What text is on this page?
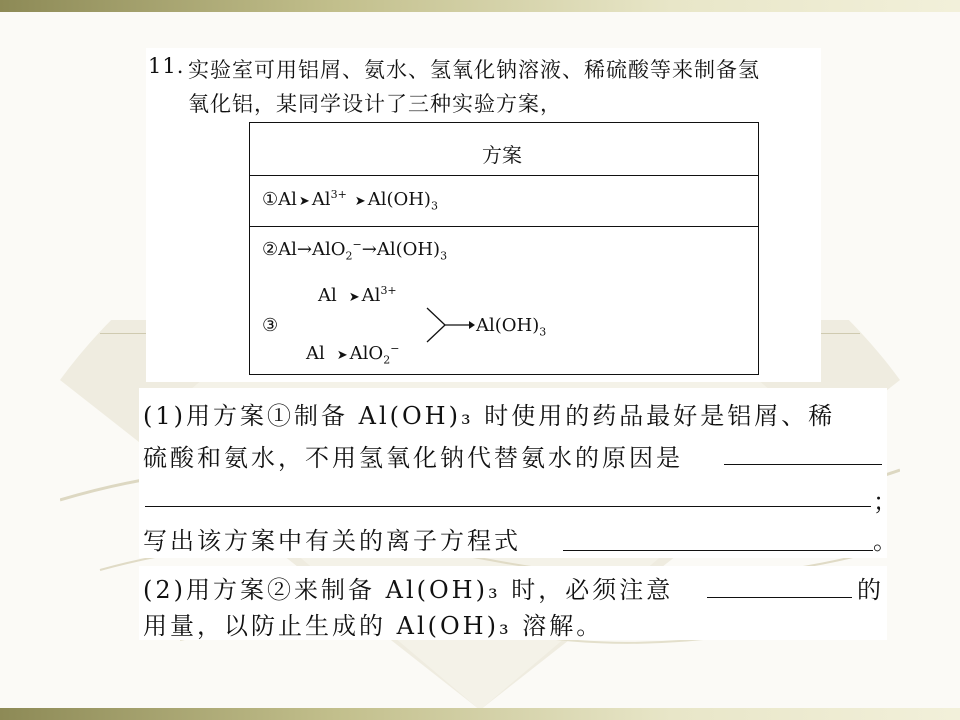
11. 实验室可用铝屑、氨水、氢氧化钠溶液、稀硫酸等来制备氢
氧化铝，某同学设计了三种实验方案，
方案
①Al ➤ $Al^{3+}$ ➤ $Al(OH)_3$
$②Al\to AlO_2^-\to Al(OH)_3$
Al ➤ $Al^{3+}$
③	$Al(OH)_3$
Al ➤ AlO$_2$−
(1)用方案①制备 Al(OH)₃ 时使用的药品最好是铝屑、稀
硫酸和氨水，不用氢氧化钠代替氨水的原因是
；
写出该方案中有关的离子方程式	。
(2)用方案②来制备 Al(OH)₃ 时，必须注意	的
用量，以防止生成的 Al(OH)₃ 溶解。
